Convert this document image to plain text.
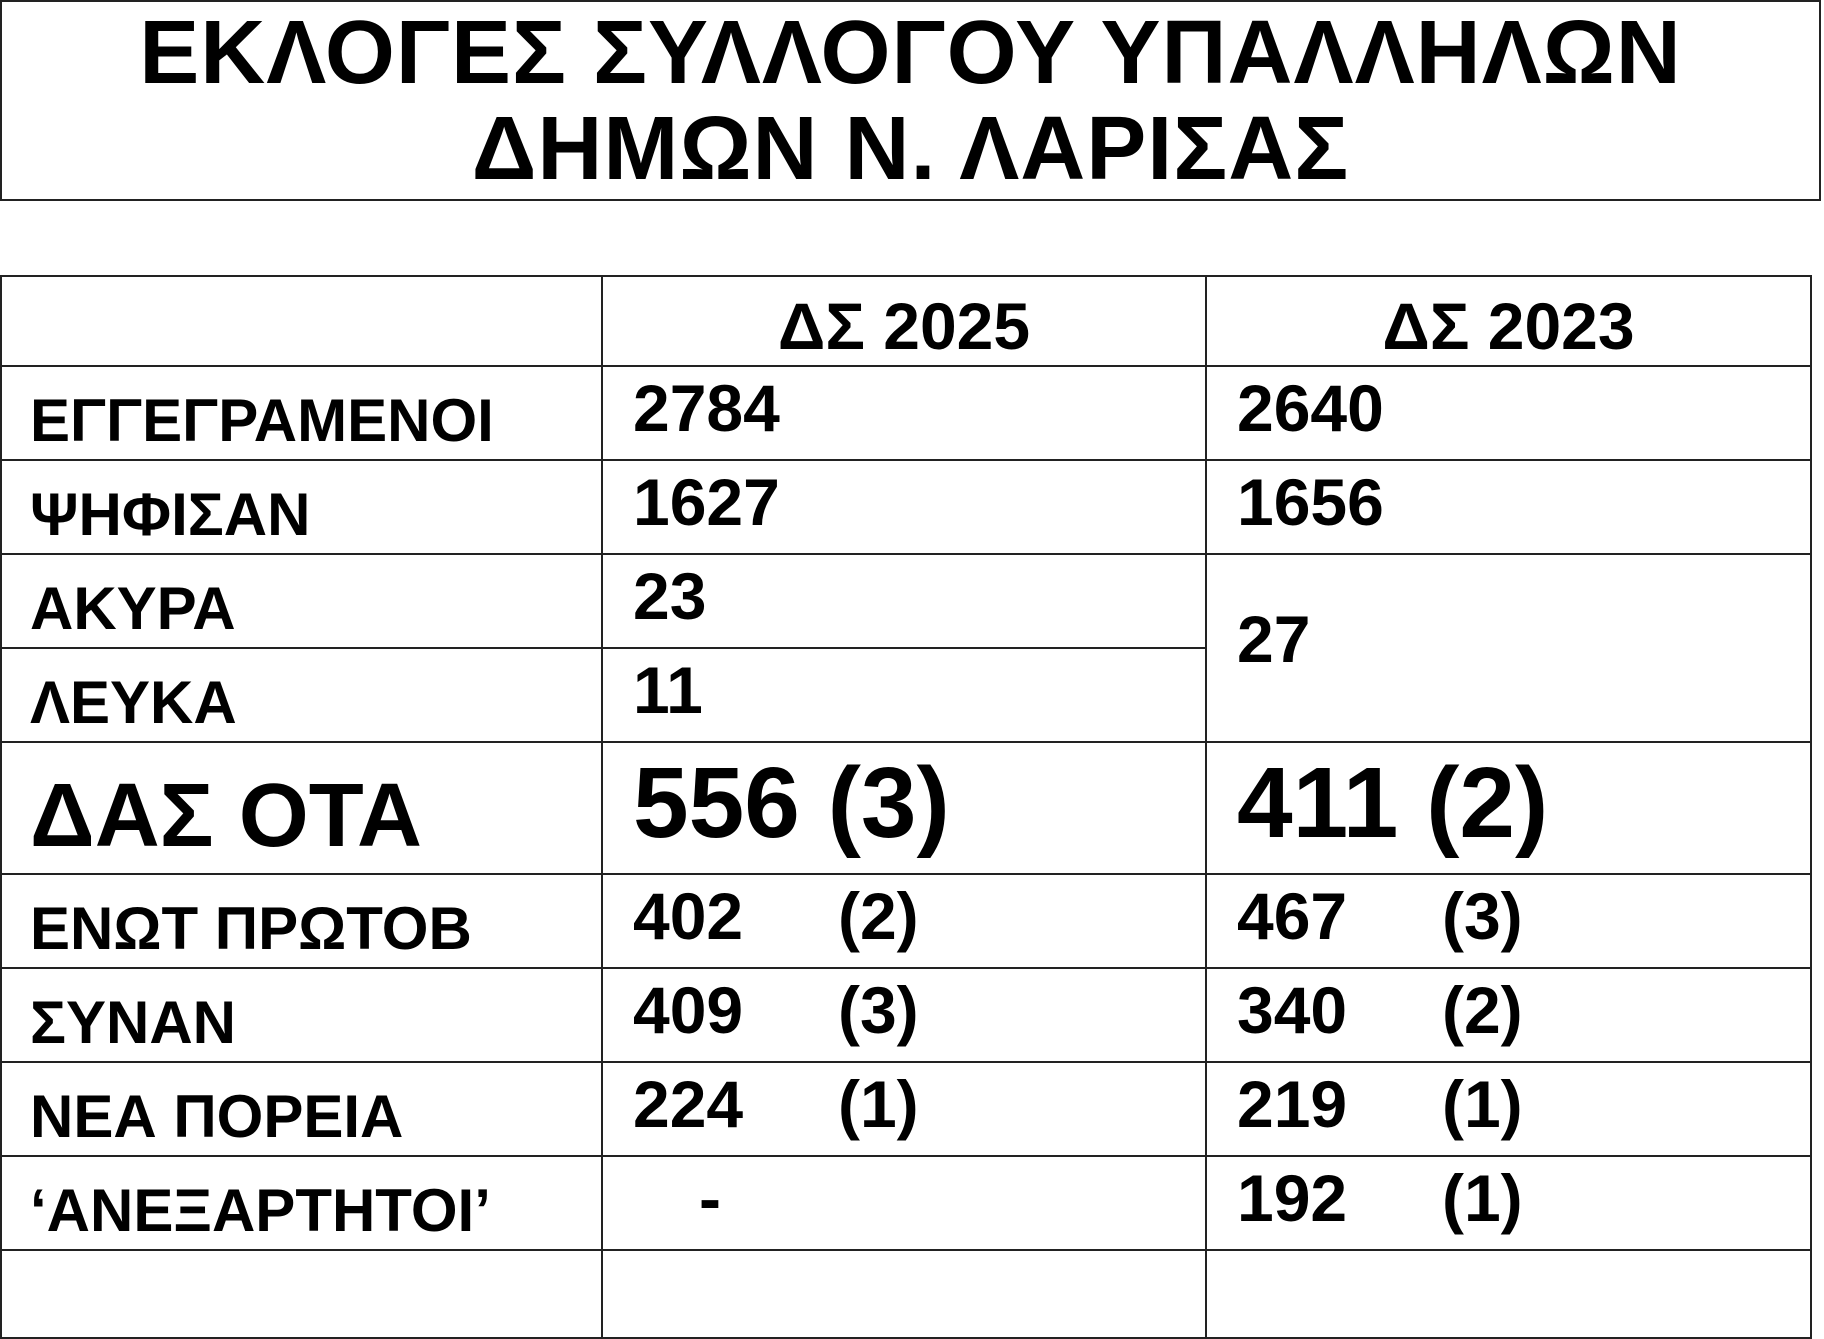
ΕΚΛΟΓΕΣ ΣΥΛΛΟΓΟΥ ΥΠΑΛΛΗΛΩΝ
ΔΗΜΩΝ Ν. ΛΑΡΙΣΑΣ
	ΔΣ 2025	ΔΣ 2023
ΕΓΓΕΓΡΑΜΕΝΟΙ	2784	2640
ΨΗΦΙΣΑΝ	1627	1656
ΑΚΥΡΑ	23	27
ΛΕΥΚΑ	11	
ΔΑΣ ΟΤΑ	556 (3)	411 (2)
ΕΝΩΤ ΠΡΩΤΟΒ	402 (2)	467 (3)
ΣΥΝΑΝ	409 (3)	340 (2)
ΝΕΑ ΠΟΡΕΙΑ	224 (1)	219 (1)
‘ΑΝΕΞΑΡΤΗΤΟΙ’	-	192 (1)
